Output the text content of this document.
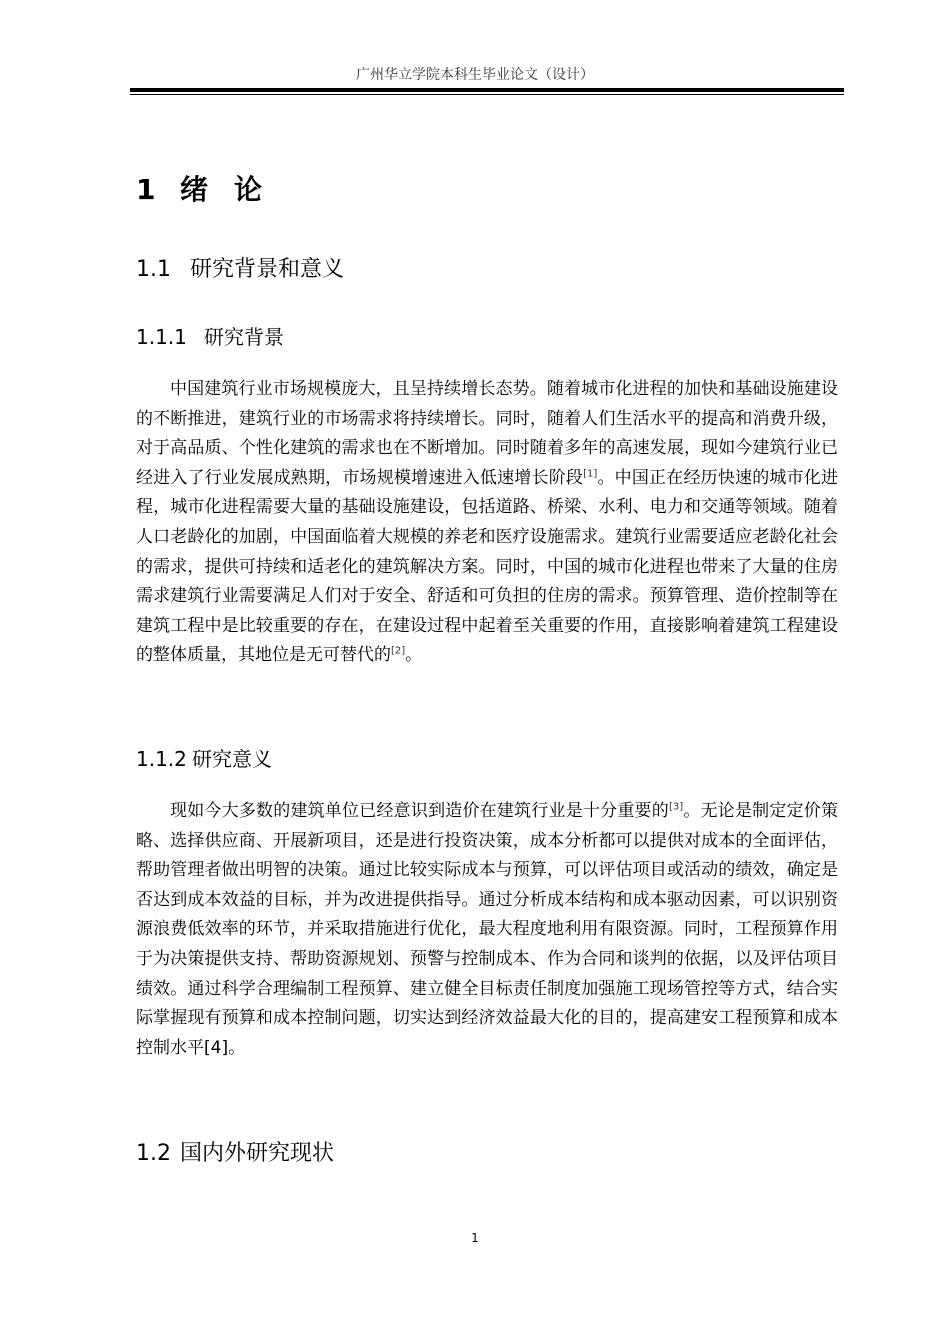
广州华立学院本科生毕业论文（设计）
1 绪论
1.1 研究背景和意义
1.1.1 研究背景

中国建筑行业市场规模庞大，且呈持续增长态势。随着城市化进程的加快和基础设施建设的不断推进，建筑行业的市场需求将持续增长。同时，随着人们生活水平的提高和消费升级，对于高品质、个性化建筑的需求也在不断增加。同时随着多年的高速发展，现如今建筑行业已经进入了行业发展成熟期，市场规模增速进入低速增长阶段[1]。中国正在经历快速的城市化进程，城市化进程需要大量的基础设施建设，包括道路、桥梁、水利、电力和交通等领域。随着人口老龄化的加剧，中国面临着大规模的养老和医疗设施需求。建筑行业需要适应老龄化社会的需求，提供可持续和适老化的建筑解决方案。同时，中国的城市化进程也带来了大量的住房需求建筑行业需要满足人们对于安全、舒适和可负担的住房的需求。预算管理、造价控制等在建筑工程中是比较重要的存在，在建设过程中起着至关重要的作用，直接影响着建筑工程建设的整体质量，其地位是无可替代的[2]。

1.1.2 研究意义

现如今大多数的建筑单位已经意识到造价在建筑行业是十分重要的[3]。无论是制定定价策略、选择供应商、开展新项目，还是进行投资决策，成本分析都可以提供对成本的全面评估，帮助管理者做出明智的决策。通过比较实际成本与预算，可以评估项目或活动的绩效，确定是否达到成本效益的目标，并为改进提供指导。通过分析成本结构和成本驱动因素，可以识别资源浪费低效率的环节，并采取措施进行优化，最大程度地利用有限资源。同时，工程预算作用于为决策提供支持、帮助资源规划、预警与控制成本、作为合同和谈判的依据，以及评估项目绩效。通过科学合理编制工程预算、建立健全目标责任制度加强施工现场管控等方式，结合实际掌握现有预算和成本控制问题，切实达到经济效益最大化的目的，提高建安工程预算和成本控制水平[4]。

1.2 国内外研究现状
1
